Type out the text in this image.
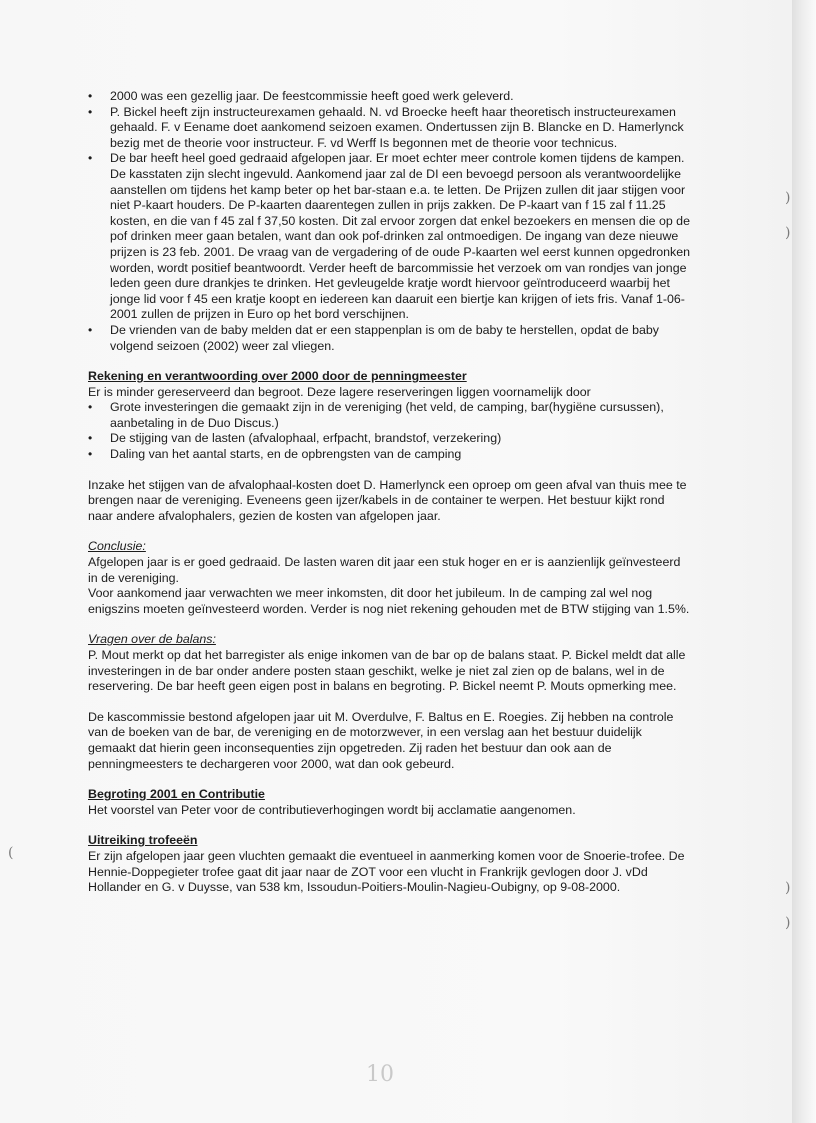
)
)
)
)
(
• 2000 was een gezellig jaar. De feestcommissie heeft goed werk geleverd.
• P. Bickel heeft zijn instructeurexamen gehaald. N. vd Broecke heeft haar theoretisch instructeurexamen gehaald. F. v Eename doet aankomend seizoen examen. Ondertussen zijn B. Blancke en D. Hamerlynck bezig met de theorie voor instructeur. F. vd Werff Is begonnen met de theorie voor technicus.
• De bar heeft heel goed gedraaid afgelopen jaar. Er moet echter meer controle komen tijdens de kampen. De kasstaten zijn slecht ingevuld. Aankomend jaar zal de DI een bevoegd persoon als verantwoordelijke aanstellen om tijdens het kamp beter op het bar-staan e.a. te letten. De Prijzen zullen dit jaar stijgen voor niet P-kaart houders. De P-kaarten daarentegen zullen in prijs zakken. De P-kaart van f 15 zal f 11.25 kosten, en die van f 45 zal f 37,50 kosten. Dit zal ervoor zorgen dat enkel bezoekers en mensen die op de pof drinken meer gaan betalen, want dan ook pof-drinken zal ontmoedigen. De ingang van deze nieuwe prijzen is 23 feb. 2001. De vraag van de vergadering of de oude P-kaarten wel eerst kunnen opgedronken worden, wordt positief beantwoordt. Verder heeft de barcommissie het verzoek om van rondjes van jonge leden geen dure drankjes te drinken. Het gevleugelde kratje wordt hiervoor geïntroduceerd waarbij het jonge lid voor f 45 een kratje koopt en iedereen kan daaruit een biertje kan krijgen of iets fris. Vanaf 1-06-2001 zullen de prijzen in Euro op het bord verschijnen.
• De vrienden van de baby melden dat er een stappenplan is om de baby te herstellen, opdat de baby volgend seizoen (2002) weer zal vliegen.

Rekening en verantwoording over 2000 door de penningmeester

Er is minder gereserveerd dan begroot. Deze lagere reserveringen liggen voornamelijk door

• Grote investeringen die gemaakt zijn in de vereniging (het veld, de camping, bar(hygiëne cursussen), aanbetaling in de Duo Discus.)
• De stijging van de lasten (afvalophaal, erfpacht, brandstof, verzekering)
• Daling van het aantal starts, en de opbrengsten van de camping

Inzake het stijgen van de afvalophaal-kosten doet D. Hamerlynck een oproep om geen afval van thuis mee te brengen naar de vereniging. Eveneens geen ijzer/kabels in de container te werpen. Het bestuur kijkt rond naar andere afvalophalers, gezien de kosten van afgelopen jaar.

Conclusie:

Afgelopen jaar is er goed gedraaid. De lasten waren dit jaar een stuk hoger en er is aanzienlijk geïnvesteerd in de vereniging.

Voor aankomend jaar verwachten we meer inkomsten, dit door het jubileum. In de camping zal wel nog enigszins moeten geïnvesteerd worden. Verder is nog niet rekening gehouden met de BTW stijging van 1.5%.

Vragen over de balans:

P. Mout merkt op dat het barregister als enige inkomen van de bar op de balans staat. P. Bickel meldt dat alle investeringen in de bar onder andere posten staan geschikt, welke je niet zal zien op de balans, wel in de reservering. De bar heeft geen eigen post in balans en begroting. P. Bickel neemt P. Mouts opmerking mee.

De kascommissie bestond afgelopen jaar uit M. Overdulve, F. Baltus en E. Roegies. Zij hebben na controle van de boeken van de bar, de vereniging en de motorzwever, in een verslag aan het bestuur duidelijk gemaakt dat hierin geen inconsequenties zijn opgetreden. Zij raden het bestuur dan ook aan de penningmeesters te dechargeren voor 2000, wat dan ook gebeurd.

Begroting 2001 en Contributie

Het voorstel van Peter voor de contributieverhogingen wordt bij acclamatie aangenomen.

Uitreiking trofeeën

Er zijn afgelopen jaar geen vluchten gemaakt die eventueel in aanmerking komen voor de Snoerie-trofee. De Hennie-Doppegieter trofee gaat dit jaar naar de ZOT voor een vlucht in Frankrijk gevlogen door J. vDd Hollander en G. v Duysse, van 538 km, Issoudun-Poitiers-Moulin-Nagieu-Oubigny, op 9-08-2000.

10
